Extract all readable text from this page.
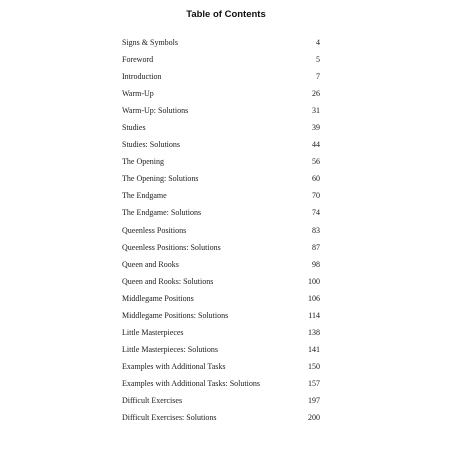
Table of Contents
Signs & Symbols	4
Foreword	5
Introduction	7
Warm-Up	26
Warm-Up: Solutions	31
Studies	39
Studies: Solutions	44
The Opening	56
The Opening: Solutions	60
The Endgame	70
The Endgame: Solutions	74
Queenless Positions	83
Queenless Positions: Solutions	87
Queen and Rooks	98
Queen and Rooks: Solutions	100
Middlegame Positions	106
Middlegame Positions: Solutions	114
Little Masterpieces	138
Little Masterpieces: Solutions	141
Examples with Additional Tasks	150
Examples with Additional Tasks: Solutions	157
Difficult Exercises	197
Difficult Exercises: Solutions	200
